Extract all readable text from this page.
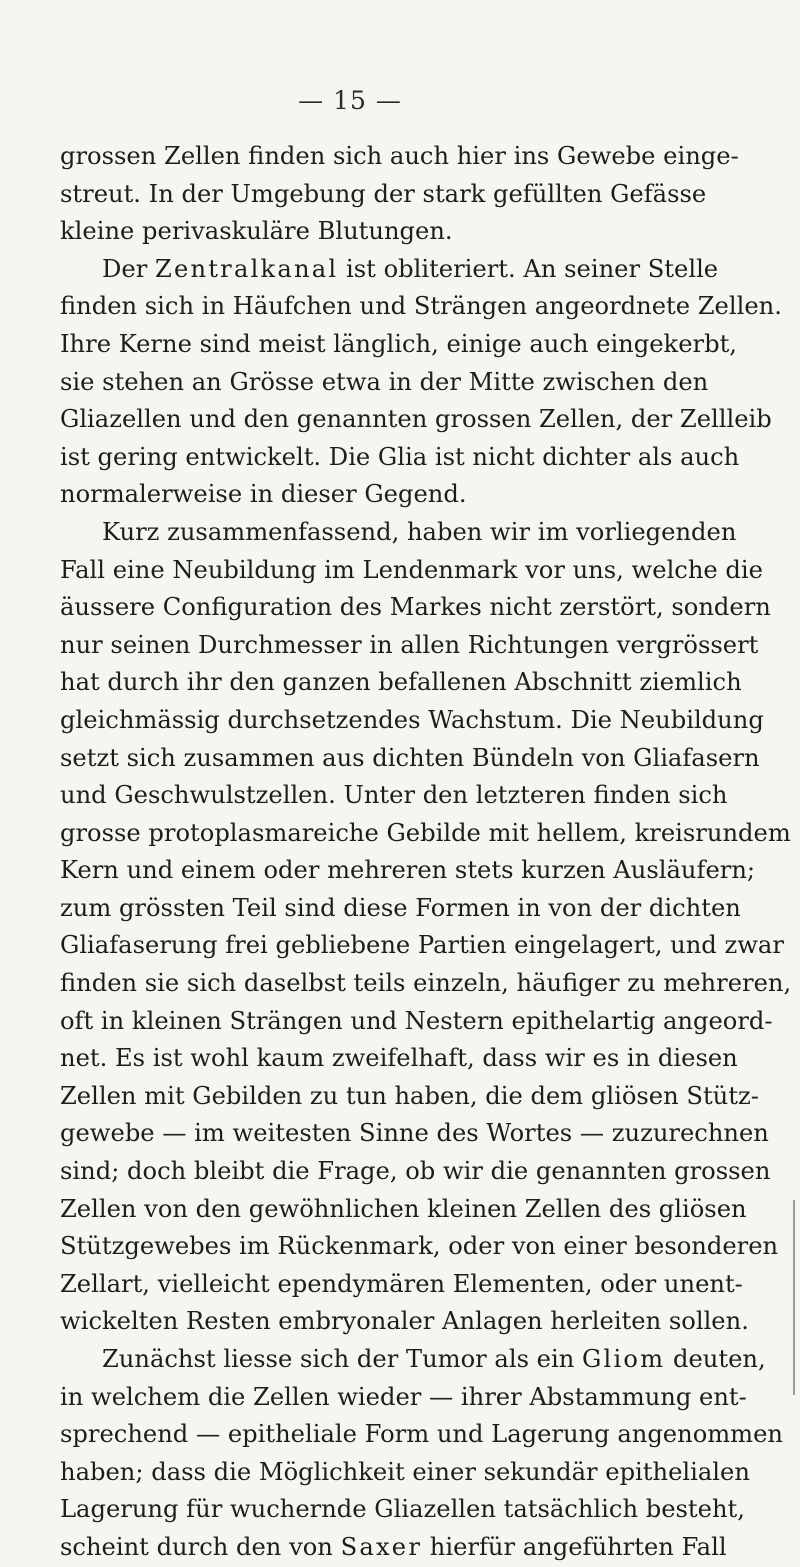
— 15 —
grossen Zellen finden sich auch hier ins Gewebe einge-
streut. In der Umgebung der stark gefüllten Gefässe
kleine perivaskuläre Blutungen.
Der Zentralkanal ist obliteriert. An seiner Stelle
finden sich in Häufchen und Strängen angeordnete Zellen.
Ihre Kerne sind meist länglich, einige auch eingekerbt,
sie stehen an Grösse etwa in der Mitte zwischen den
Gliazellen und den genannten grossen Zellen, der Zellleib
ist gering entwickelt. Die Glia ist nicht dichter als auch
normalerweise in dieser Gegend.
Kurz zusammenfassend, haben wir im vorliegenden
Fall eine Neubildung im Lendenmark vor uns, welche die
äussere Configuration des Markes nicht zerstört, sondern
nur seinen Durchmesser in allen Richtungen vergrössert
hat durch ihr den ganzen befallenen Abschnitt ziemlich
gleichmässig durchsetzendes Wachstum. Die Neubildung
setzt sich zusammen aus dichten Bündeln von Gliafasern
und Geschwulstzellen. Unter den letzteren finden sich
grosse protoplasmareiche Gebilde mit hellem, kreisrundem
Kern und einem oder mehreren stets kurzen Ausläufern;
zum grössten Teil sind diese Formen in von der dichten
Gliafaserung frei gebliebene Partien eingelagert, und zwar
finden sie sich daselbst teils einzeln, häufiger zu mehreren,
oft in kleinen Strängen und Nestern epithelartig angeord-
net. Es ist wohl kaum zweifelhaft, dass wir es in diesen
Zellen mit Gebilden zu tun haben, die dem gliösen Stütz-
gewebe — im weitesten Sinne des Wortes — zuzurechnen
sind; doch bleibt die Frage, ob wir die genannten grossen
Zellen von den gewöhnlichen kleinen Zellen des gliösen
Stützgewebes im Rückenmark, oder von einer besonderen
Zellart, vielleicht ependymären Elementen, oder unent-
wickelten Resten embryonaler Anlagen herleiten sollen.
Zunächst liesse sich der Tumor als ein Gliom deuten,
in welchem die Zellen wieder — ihrer Abstammung ent-
sprechend — epitheliale Form und Lagerung angenommen
haben; dass die Möglichkeit einer sekundär epithelialen
Lagerung für wuchernde Gliazellen tatsächlich besteht,
scheint durch den von Saxer hierfür angeführten Fall
